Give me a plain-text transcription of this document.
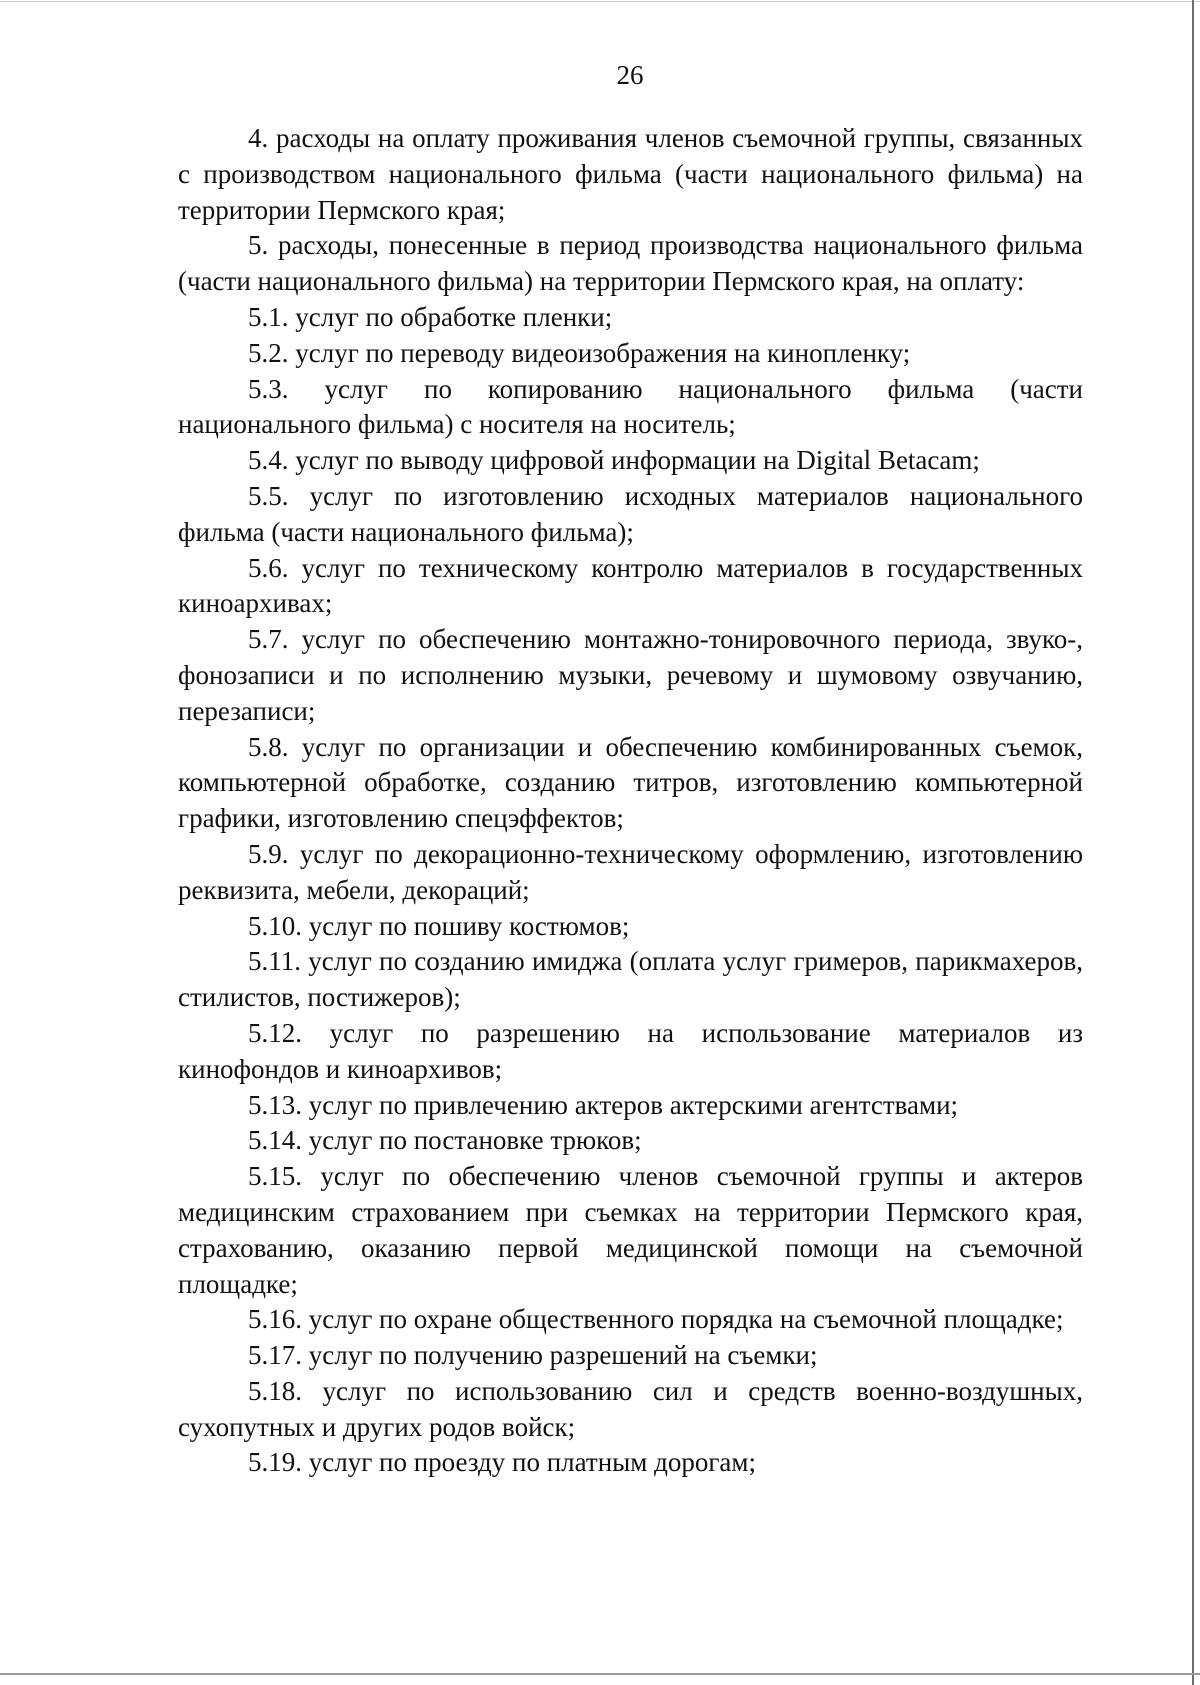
26

4. расходы на оплату проживания членов съемочной группы, связанных с производством национального фильма (части национального фильма) на территории Пермского края;

5. расходы, понесенные в период производства национального фильма (части национального фильма) на территории Пермского края, на оплату:

5.1. услуг по обработке пленки;

5.2. услуг по переводу видеоизображения на кинопленку;

5.3. услуг по копированию национального фильма (части национального фильма) с носителя на носитель;

5.4. услуг по выводу цифровой информации на Digital Betacam;

5.5. услуг по изготовлению исходных материалов национального фильма (части национального фильма);

5.6. услуг по техническому контролю материалов в государственных киноархивах;

5.7. услуг по обеспечению монтажно-тонировочного периода, звуко-, фонозаписи и по исполнению музыки, речевому и шумовому озвучанию, перезаписи;

5.8. услуг по организации и обеспечению комбинированных съемок, компьютерной обработке, созданию титров, изготовлению компьютерной графики, изготовлению спецэффектов;

5.9. услуг по декорационно-техническому оформлению, изготовлению реквизита, мебели, декораций;

5.10. услуг по пошиву костюмов;

5.11. услуг по созданию имиджа (оплата услуг гримеров, парикмахеров, стилистов, постижеров);

5.12. услуг по разрешению на использование материалов из кинофондов и киноархивов;

5.13. услуг по привлечению актеров актерскими агентствами;

5.14. услуг по постановке трюков;

5.15. услуг по обеспечению членов съемочной группы и актеров медицинским страхованием при съемках на территории Пермского края, страхованию, оказанию первой медицинской помощи на съемочной площадке;

5.16. услуг по охране общественного порядка на съемочной площадке;

5.17. услуг по получению разрешений на съемки;

5.18. услуг по использованию сил и средств военно-воздушных, сухопутных и других родов войск;

5.19. услуг по проезду по платным дорогам;
